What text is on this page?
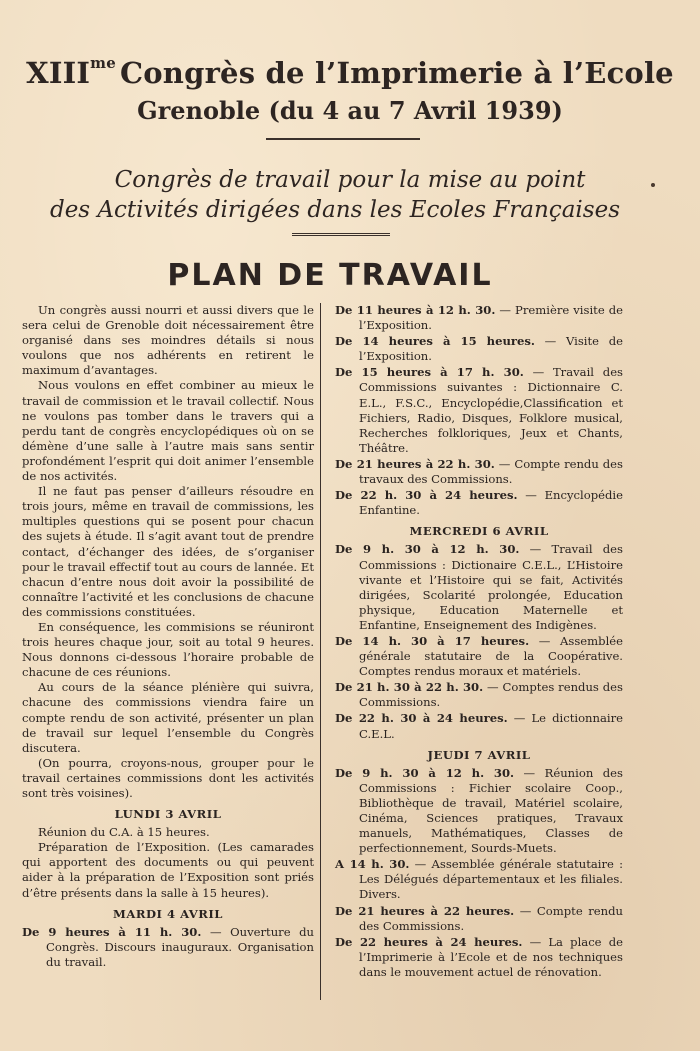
$XIII^{me}$ Congrès de l’Imprimerie à l’Ecole
Grenoble (du 4 au 7 Avril 1939)
Congrès de travail pour la mise au point
des Activités dirigées dans les Ecoles Françaises
PLAN DE TRAVAIL

Un congrès aussi nourri et aussi divers que le sera celui de Grenoble doit nécessairement être organisé dans ses moindres détails si nous voulons que nos adhérents en retirent le maximum d’avantages.

Nous voulons en effet combiner au mieux le travail de commission et le travail collectif. Nous ne voulons pas tomber dans le travers qui a perdu tant de congrès encyclopédiques où on se démène d’une salle à l’autre mais sans sentir profondément l’esprit qui doit animer l’ensemble de nos activités.

Il ne faut pas penser d’ailleurs résoudre en trois jours, même en travail de commissions, les multiples questions qui se posent pour chacun des sujets à étude. Il s’agit avant tout de prendre contact, d’échanger des idées, de s’organiser pour le travail effectif tout au cours de lannée. Et chacun d’entre nous doit avoir la possibilité de connaître l’activité et les conclusions de chacune des commissions constituées.

En conséquence, les commisions se réuniront trois heures chaque jour, soit au total 9 heures. Nous donnons ci-dessous l’horaire probable de chacune de ces réunions.

Au cours de la séance plénière qui suivra, chacune des commissions viendra faire un compte rendu de son activité, présenter un plan de travail sur lequel l’ensemble du Congrès discutera.

(On pourra, croyons-nous, grouper pour le travail certaines commissions dont les activités sont très voisines).

LUNDI 3 AVRIL

Réunion du C.A. à 15 heures.

Préparation de l’Exposition. (Les camarades qui apportent des documents ou qui peuvent aider à la préparation de l’Exposition sont priés d’être présents dans la salle à 15 heures).

MARDI 4 AVRIL

De 9 heures à 11 h. 30. — Ouverture du Congrès. Discours inauguraux. Organisation du travail.

De 11 heures à 12 h. 30. — Première visite de l’Exposition.

De 14 heures à 15 heures. — Visite de l’Exposition.

De 15 heures à 17 h. 30. — Travail des Commissions suivantes : Dictionnaire C. E.L., F.S.C., Encyclopédie,Classification et Fichiers, Radio, Disques, Folklore musical, Recherches folkloriques, Jeux et Chants, Théâtre.

De 21 heures à 22 h. 30. — Compte rendu des travaux des Commissions.

De 22 h. 30 à 24 heures. — Encyclopédie Enfantine.

MERCREDI 6 AVRIL

De 9 h. 30 à 12 h. 30. — Travail des Commissions : Dictionaire C.E.L., L’Histoire vivante et l’Histoire qui se fait, Activités dirigées, Scolarité prolongée, Education physique, Education Maternelle et Enfantine, Enseignement des Indigènes.

De 14 h. 30 à 17 heures. — Assemblée générale statutaire de la Coopérative. Comptes rendus moraux et matériels.

De 21 h. 30 à 22 h. 30. — Comptes rendus des Commissions.

De 22 h. 30 à 24 heures. — Le dictionnaire C.E.L.

JEUDI 7 AVRIL

De 9 h. 30 à 12 h. 30. — Réunion des Commissions : Fichier scolaire Coop., Bibliothèque de travail, Matériel scolaire, Cinéma, Sciences pratiques, Travaux manuels, Mathématiques, Classes de perfectionnement, Sourds-Muets.

A 14 h. 30. — Assemblée générale statutaire : Les Délégués départementaux et les filiales. Divers.

De 21 heures à 22 heures. — Compte rendu des Commissions.

De 22 heures à 24 heures. — La place de l’Imprimerie à l’Ecole et de nos techniques dans le mouvement actuel de rénovation.
